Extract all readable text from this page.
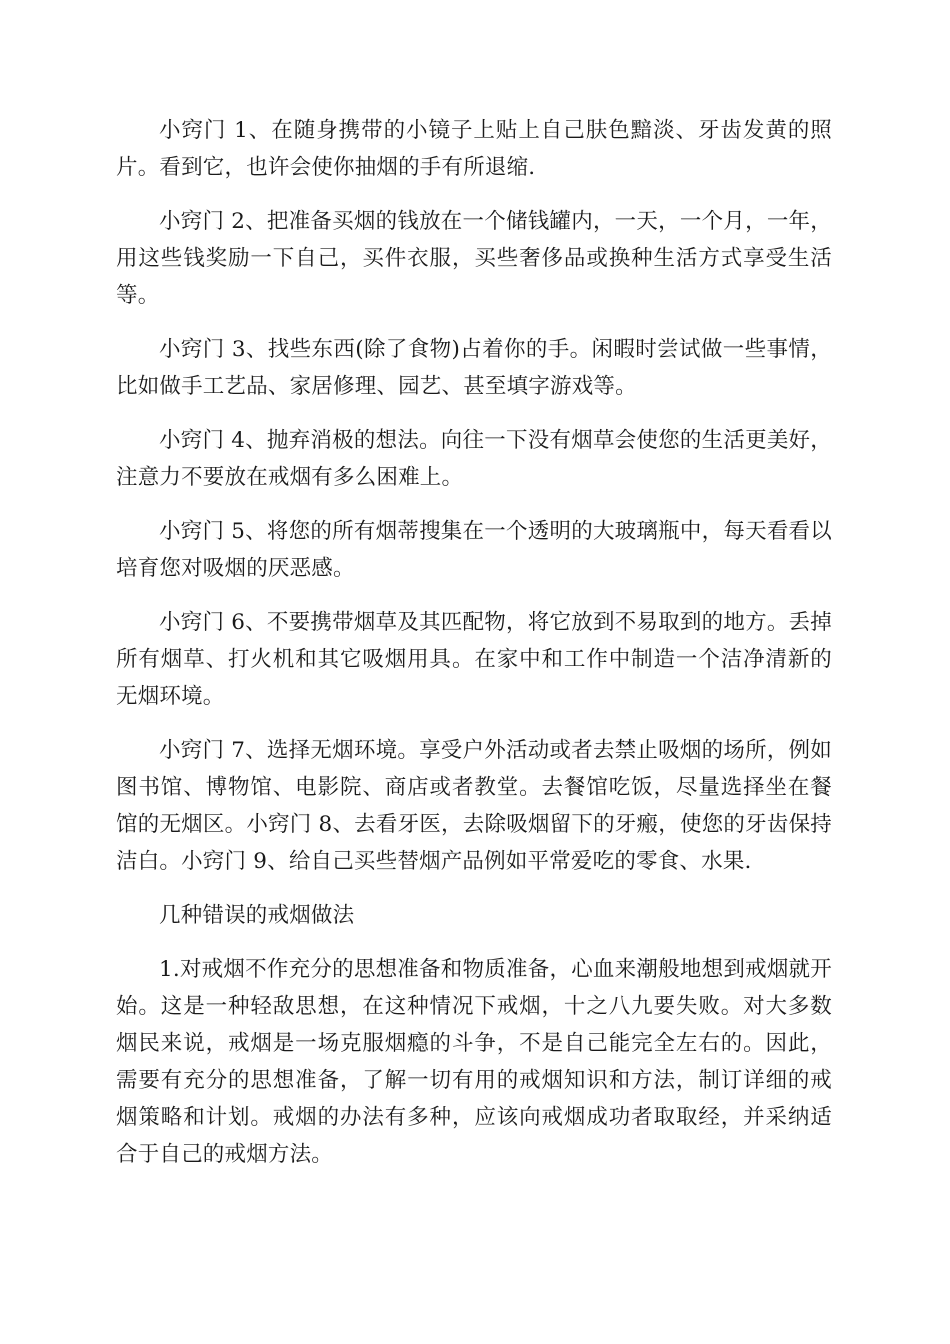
小窍门 1、在随身携带的小镜子上贴上自己肤色黯淡、牙齿发黄的照片。看到它，也许会使你抽烟的手有所退缩.

小窍门 2、把准备买烟的钱放在一个储钱罐内，一天，一个月，一年，用这些钱奖励一下自己，买件衣服，买些奢侈品或换种生活方式享受生活等。

小窍门 3、找些东西(除了食物)占着你的手。闲暇时尝试做一些事情，比如做手工艺品、家居修理、园艺、甚至填字游戏等。

小窍门 4、抛弃消极的想法。向往一下没有烟草会使您的生活更美好，注意力不要放在戒烟有多么困难上。

小窍门 5、将您的所有烟蒂搜集在一个透明的大玻璃瓶中，每天看看以培育您对吸烟的厌恶感。

小窍门 6、不要携带烟草及其匹配物，将它放到不易取到的地方。丢掉所有烟草、打火机和其它吸烟用具。在家中和工作中制造一个洁净清新的无烟环境。

小窍门 7、选择无烟环境。享受户外活动或者去禁止吸烟的场所，例如图书馆、博物馆、电影院、商店或者教堂。去餐馆吃饭，尽量选择坐在餐馆的无烟区。小窍门 8、去看牙医，去除吸烟留下的牙瘢，使您的牙齿保持洁白。小窍门 9、给自己买些替烟产品例如平常爱吃的零食、水果.

几种错误的戒烟做法

1.对戒烟不作充分的思想准备和物质准备，心血来潮般地想到戒烟就开始。这是一种轻敌思想，在这种情况下戒烟，十之八九要失败。对大多数烟民来说，戒烟是一场克服烟瘾的斗争，不是自己能完全左右的。因此，需要有充分的思想准备，了解一切有用的戒烟知识和方法，制订详细的戒烟策略和计划。戒烟的办法有多种，应该向戒烟成功者取取经，并采纳适合于自己的戒烟方法。
